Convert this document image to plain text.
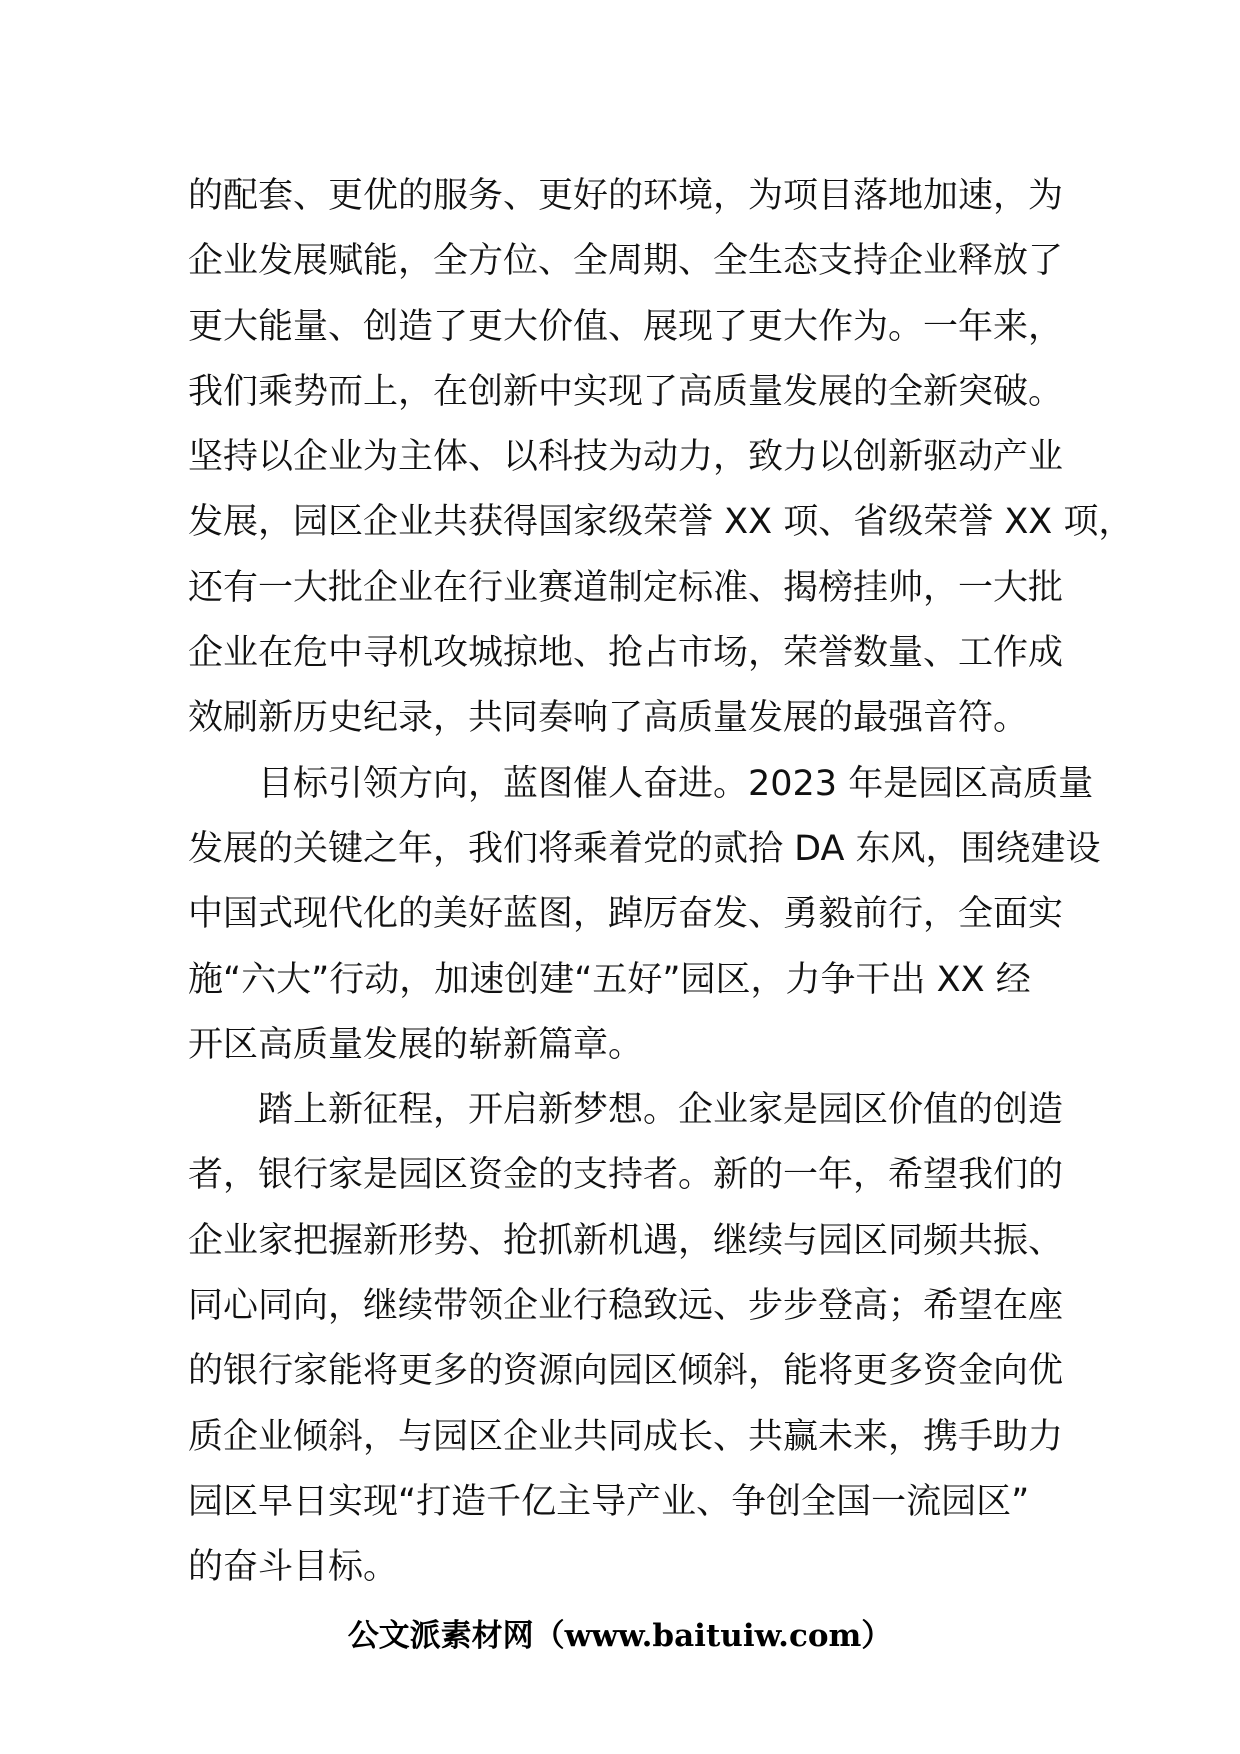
的配套、更优的服务、更好的环境，为项目落地加速，为
企业发展赋能，全方位、全周期、全生态支持企业释放了
更大能量、创造了更大价值、展现了更大作为。一年来，
我们乘势而上，在创新中实现了高质量发展的全新突破。
坚持以企业为主体、以科技为动力，致力以创新驱动产业
发展，园区企业共获得国家级荣誉 XX 项、省级荣誉 XX 项，
还有一大批企业在行业赛道制定标准、揭榜挂帅，一大批
企业在危中寻机攻城掠地、抢占市场，荣誉数量、工作成
效刷新历史纪录，共同奏响了高质量发展的最强音符。
目标引领方向，蓝图催人奋进。2023 年是园区高质量
发展的关键之年，我们将乘着党的贰拾 DA 东风，围绕建设
中国式现代化的美好蓝图，踔厉奋发、勇毅前行，全面实
施“六大”行动，加速创建“五好”园区，力争干出 XX 经
开区高质量发展的崭新篇章。
踏上新征程，开启新梦想。企业家是园区价值的创造
者，银行家是园区资金的支持者。新的一年，希望我们的
企业家把握新形势、抢抓新机遇，继续与园区同频共振、
同心同向，继续带领企业行稳致远、步步登高；希望在座
的银行家能将更多的资源向园区倾斜，能将更多资金向优
质企业倾斜，与园区企业共同成长、共赢未来，携手助力
园区早日实现“打造千亿主导产业、争创全国一流园区”
的奋斗目标。
公文派素材网（www.baituiw.com）
